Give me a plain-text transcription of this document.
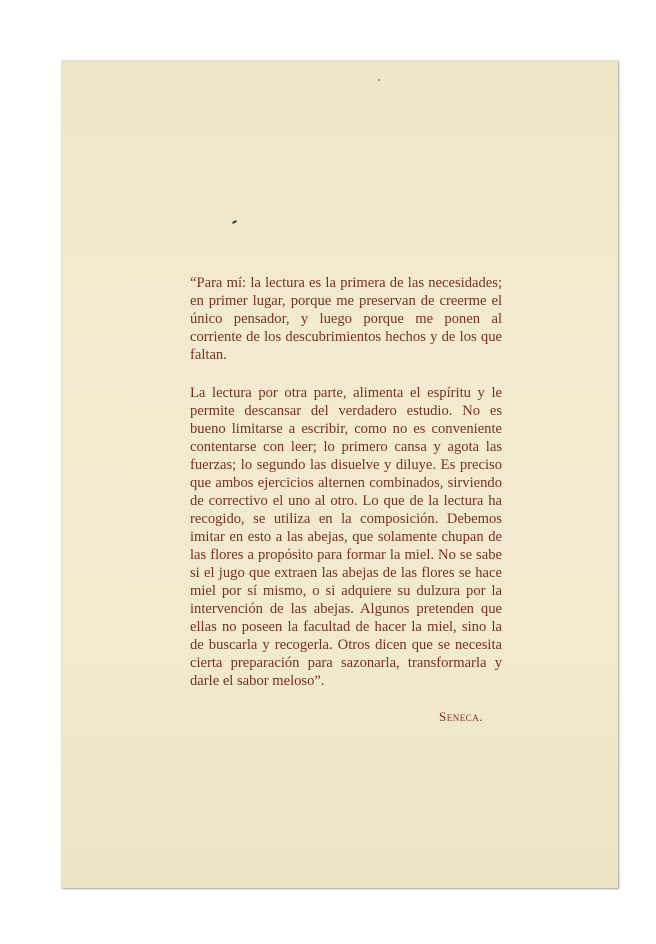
“Para mí: la lectura es la primera de las necesidades; en primer lugar, porque me preservan de creerme el único pensador, y luego porque me ponen al corriente de los descubrimientos hechos y de los que faltan.

La lectura por otra parte, alimenta el espíritu y le permite descansar del verdadero estudio. No es bueno limitarse a escribir, como no es conveniente contentarse con leer; lo primero cansa y agota las fuerzas; lo segundo las disuelve y diluye. Es preciso que ambos ejercicios alternen combinados, sirviendo de correctivo el uno al otro. Lo que de la lectura ha recogido, se utiliza en la composición. Debemos imitar en esto a las abejas, que solamente chupan de las flores a propósito para formar la miel. No se sabe si el jugo que extraen las abejas de las flores se hace miel por sí mismo, o si adquiere su dulzura por la intervención de las abejas. Algunos pretenden que ellas no poseen la facultad de hacer la miel, sino la de buscarla y recogerla. Otros dicen que se necesita cierta preparación para sazonarla, transformarla y darle el sabor meloso”.

Seneca.
